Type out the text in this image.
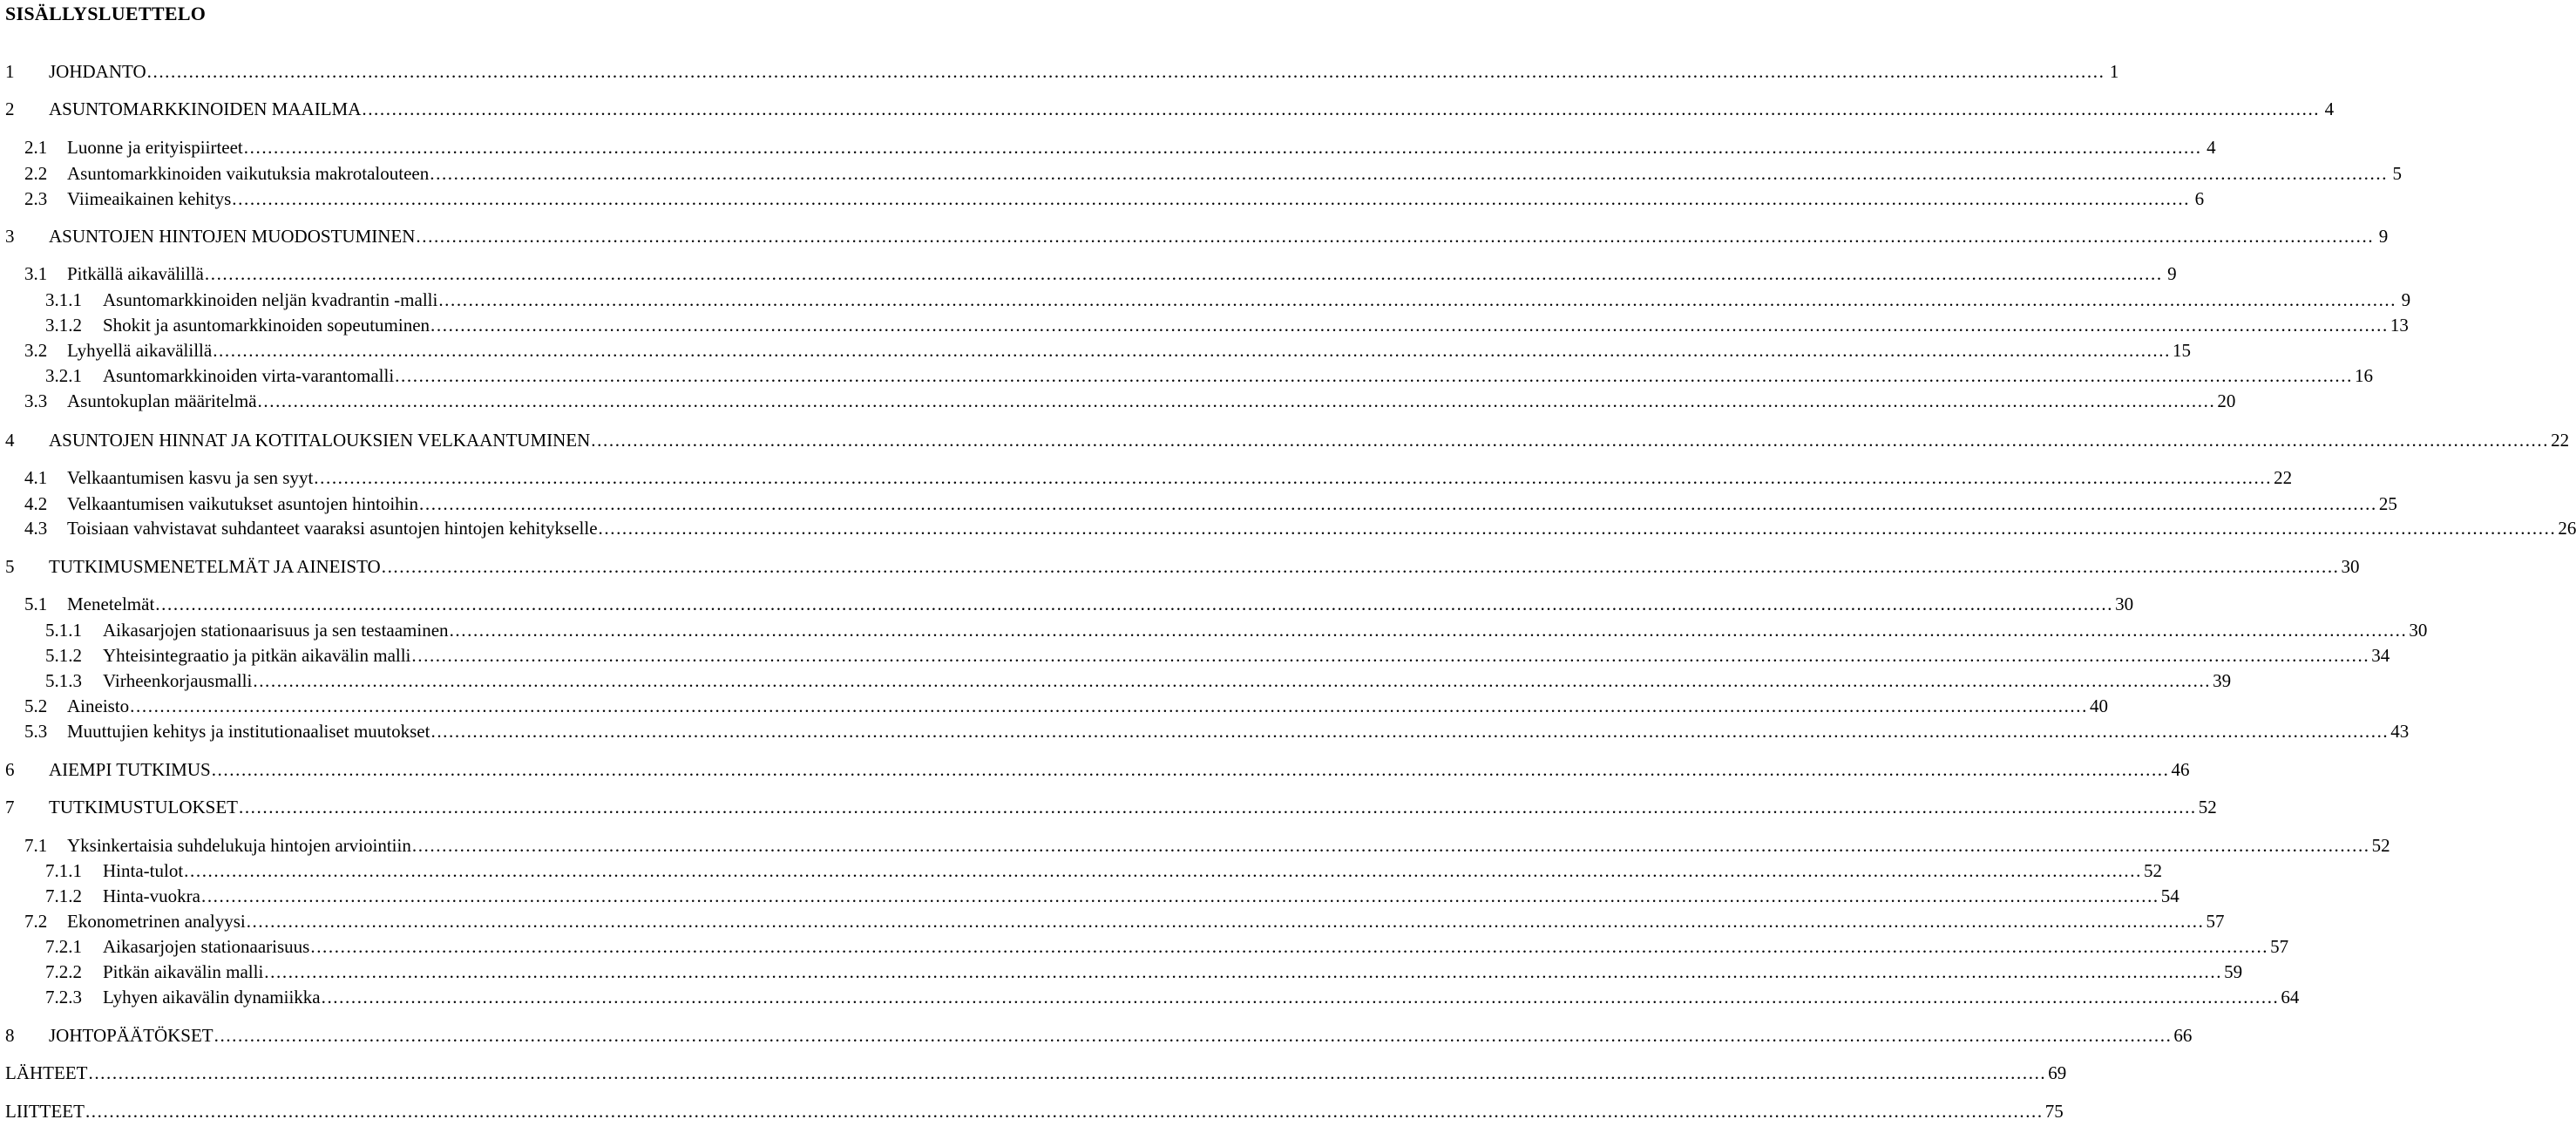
SISÄLLYSLUETTELO
1	JOHDANTO .....	1
2	ASUNTOMARKKINOIDEN MAAILMA .....	4
2.1	Luonne ja erityispiirteet .....	4
2.2	Asuntomarkkinoiden vaikutuksia makrotalouteen .....	5
2.3	Viimeaikainen kehitys .....	6
3	ASUNTOJEN HINTOJEN MUODOSTUMINEN .....	9
3.1	Pitkällä aikavälillä .....	9
3.1.1	Asuntomarkkinoiden neljän kvadrantin -malli .....	9
3.1.2	Shokit ja asuntomarkkinoiden sopeutuminen .....	13
3.2	Lyhyellä aikavälillä .....	15
3.2.1	Asuntomarkkinoiden virta-varantomalli .....	16
3.3	Asuntokuplan määritelmä .....	20
4	ASUNTOJEN HINNAT JA KOTITALOUKSIEN VELKAANTUMINEN .....	22
4.1	Velkaantumisen kasvu ja sen syyt .....	22
4.2	Velkaantumisen vaikutukset asuntojen hintoihin .....	25
4.3	Toisiaan vahvistavat suhdanteet vaaraksi asuntojen hintojen kehitykselle .....	26
5	TUTKIMUSMENETELMÄT JA AINEISTO .....	30
5.1	Menetelmät .....	30
5.1.1	Aikasarjojen stationaarisuus ja sen testaaminen .....	30
5.1.2	Yhteisintegraatio ja pitkän aikavälin malli .....	34
5.1.3	Virheenkorjausmalli .....	39
5.2	Aineisto .....	40
5.3	Muuttujien kehitys ja institutionaaliset muutokset .....	43
6	AIEMPI TUTKIMUS .....	46
7	TUTKIMUSTULOKSET .....	52
7.1	Yksinkertaisia suhdelukuja hintojen arviointiin .....	52
7.1.1	Hinta-tulot .....	52
7.1.2	Hinta-vuokra .....	54
7.2	Ekonometrinen analyysi .....	57
7.2.1	Aikasarjojen stationaarisuus .....	57
7.2.2	Pitkän aikavälin malli .....	59
7.2.3	Lyhyen aikavälin dynamiikka .....	64
8	JOHTOPÄÄTÖKSET .....	66
LÄHTEET .....	69
LIITTEET .....	75
